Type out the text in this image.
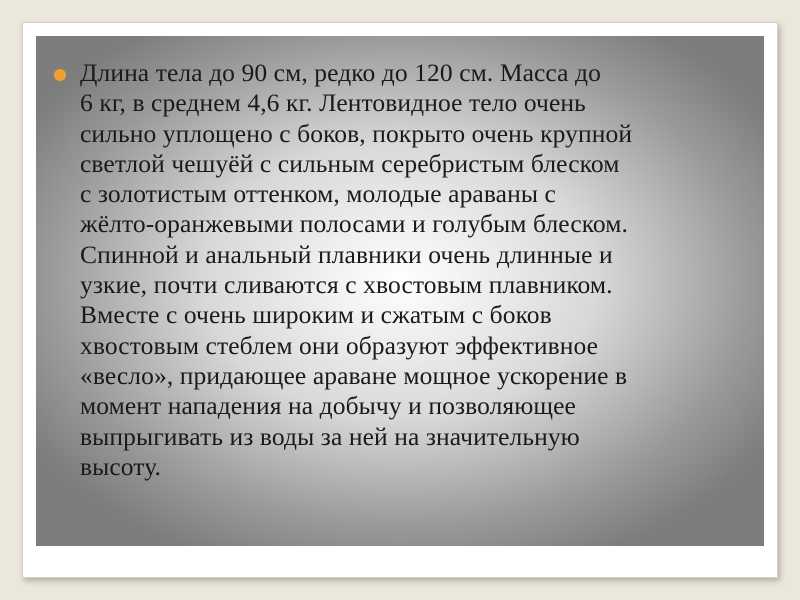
Длина тела до 90 см, редко до 120 см. Масса до
6 кг, в среднем 4,6 кг. Лентовидное тело очень
сильно уплощено с боков, покрыто очень крупной
светлой чешуёй с сильным серебристым блеском
с золотистым оттенком, молодые араваны с
жёлто-оранжевыми полосами и голубым блеском.
Спинной и анальный плавники очень длинные и
узкие, почти сливаются с хвостовым плавником.
Вместе с очень широким и сжатым с боков
хвостовым стеблем они образуют эффективное
«весло», придающее араване мощное ускорение в
момент нападения на добычу и позволяющее
выпрыгивать из воды за ней на значительную
высоту.
